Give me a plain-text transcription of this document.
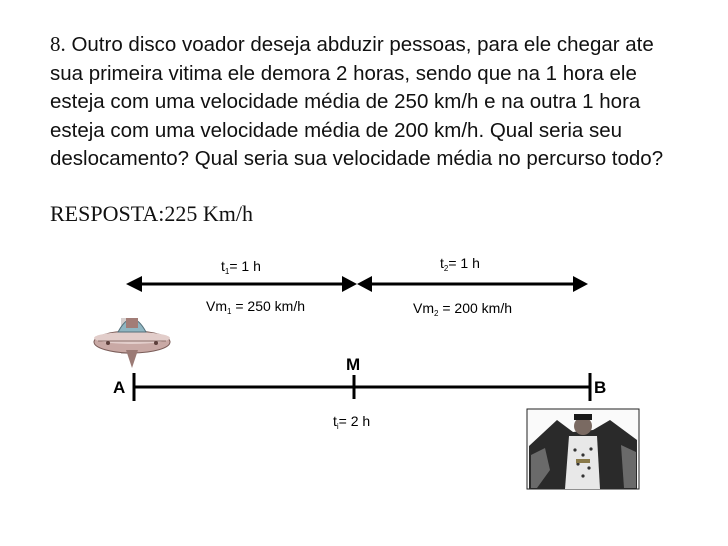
8. Outro disco voador deseja abduzir pessoas, para ele chegar ate sua primeira vitima ele demora 2 horas, sendo que na 1 hora ele esteja com uma velocidade média de 250 km/h e na outra 1 hora esteja com uma velocidade média de 200 km/h. Qual seria seu deslocamento? Qual seria sua velocidade média no percurso todo?
RESPOSTA:225 Km/h
$t_1= 1$ h	$t_2= 1$ h
$Vm_1 = 250$ km/h	$Vm_2 = 200$ km/h
A
M
B
$t_i= 2$ h
